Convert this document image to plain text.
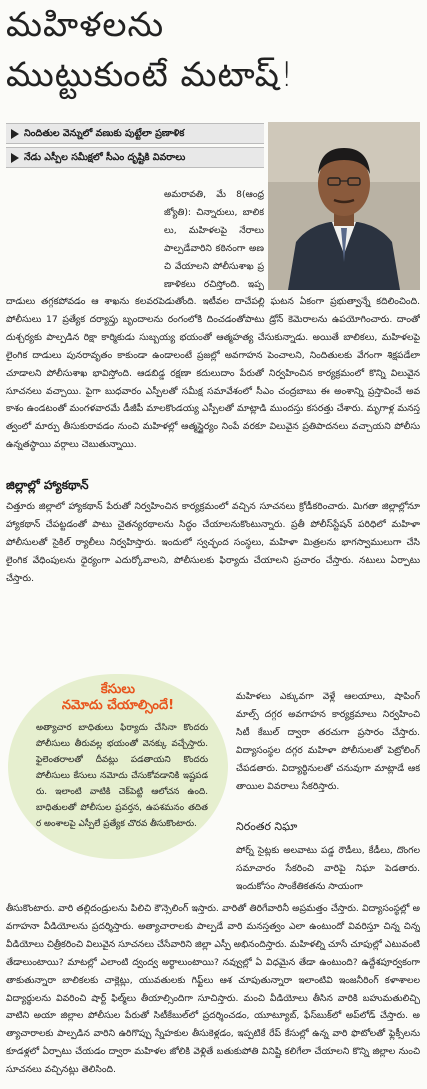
మహిళలను
ముట్టుకుంటే మటాష్!
నిందితుల వెన్నులో వణుకు పుట్టేలా ప్రణాళిక
నేడు ఎస్పీల సమీక్షలో సీఎం దృష్టికి వివరాలు
అమరావతి, మే 8(ఆంధ్రజ్యోతి): చిన్నారులు, బాలికలు, మహిళలపై నేరాలు పాల్పడేవారిని కఠినంగా అణచి వేయాలని పోలీసుశాఖ ప్రణాళికలు రచిస్తోంది. ఇప్ప
దాడులు తగ్గకపోవడం ఆ శాఖను కలవరపెడుతోంది. ఇటీవల దాచేపల్లి ఘటన ఏకంగా ప్రభుత్వాన్నే కదిలించింది. పోలీసులు 17 ప్రత్యేక దర్యాప్తు బృందాలను రంగంలోకి దించడంతోపాటు డ్రోన్ కెమెరాలను ఉపయోగించారు. దాంతో దుశ్చర్యకు పాల్పడిన రిక్షా కార్మికుడు సుబ్బయ్య భయంతో ఆత్మహత్య చేసుకున్నాడు. అయితే బాలికలు, మహిళలపై లైంగిక దాడులు పునరావృతం కాకుండా ఉండాలంటే ప్రజల్లో అవగాహన పెంచాలని, నిందితులకు వేగంగా శిక్షపడేలా చూడాలని పోలీసుశాఖ భావిస్తోంది. ఆడబిడ్డ రక్షణా కదులుదాం పేరుతో నిర్వహించిన కార్యక్రమంలో కొన్ని విలువైన సూచనలు వచ్చాయి. పైగా బుధవారం ఎస్పీలతో సమీక్ష సమావేశంలో సీఎం చంద్రబాబు ఈ అంశాన్ని ప్రస్తావించే అవకాశం ఉండటంతో మంగళవారమే డీజీపీ మాలకొండయ్య ఎస్పీలతో మాట్లాడి ముందస్తు కసరత్తు చేశారు. మృగాళ్ల మనస్తత్వంలో మార్పు తీసుకురావడం నుంచి మహిళల్లో ఆత్మస్థైర్యం నింపే వరకూ విలువైన ప్రతిపాదనలు వచ్చాయని పోలీసు ఉన్నతస్థాయి వర్గాలు చెబుతున్నాయి.
జిల్లాల్లో హ్యాకథాన్
చిత్తూరు జిల్లాలో హ్యాకథాన్ పేరుతో నిర్వహించిన కార్యక్రమంలో వచ్చిన సూచనలు క్రోడీకరించారు. మిగతా జిల్లాల్లోనూ హ్యాకథాన్ చేపట్టడంతో పాటు చైతన్యరథాలను సిద్ధం చేయాలనుకొంటున్నారు. ప్రతీ పోలీస్‌స్టేషన్ పరిధిలో మహిళా పోలీసులతో సైకిల్ ర్యాలీలు నిర్వహిస్తారు. ఇందులో స్వచ్ఛంద సంస్థలు, మహిళా మిత్రలను భాగస్వాములుగా చేసి లైంగిక వేధింపులను ధైర్యంగా ఎదుర్కోవాలని, పోలీసులకు ఫిర్యాదు చేయాలని ప్రచారం చేస్తారు. నటులు ఏర్పాటు చేస్తారు.
కేసులు
నమోదు చేయాల్సిందే!
అత్యాచార బాధితులు ఫిర్యాదు చేసినా కొందరు పోలీసులు తీరువల్ల భయంతో వెనక్కు వచ్చేస్తారు. ఫైలెంతరాలతో దీవట్లు పడతాయని కొందరు పోలీసులు కేసులు నమోదు చేసుకోవడానికి ఇష్టపడరు. ఇలాంటి వాటికి చెక్‌పెట్టి ఆలోచన ఉంది. బాధితులతో పోలీసుల ప్రవర్తన, ఉపశమనం తదితర అంశాలపై ఎస్పీలే ప్రత్యేక చొరవ తీసుకొంటారు.
మహిళలు ఎక్కువగా వెళ్లే ఆలయాలు, షాపింగ్ మాల్స్ దగ్గర అవగాహన కార్యక్రమాలు నిర్వహించి సిటీ కేబుల్ ద్వారా తరచుగా ప్రసారం చేస్తారు. విద్యాసంస్థల దగ్గర మహిళా పోలీసులతో పెట్రోలింగ్ చేపడతారు. విద్యార్థినులతో చనువుగా మాట్లాడే ఆకతాయిల వివరాలు సేకరిస్తారు.
నిరంతర నిఘా
పోర్న్ సైట్లకు అలవాటు పడ్డ రౌడీలు, కేడీలు, దొంగల సమాచారం సేకరించి వారిపై నిఘా పెడతారు. ఇందుకోసం సాంకేతికతను సాయంగా
తీసుకొంటారు. వారి తల్లిదండ్రులను పిలిచి కౌన్సెలింగ్ ఇస్తారు. వారితో తిరిగేవారినీ అప్రమత్తం చేస్తారు. విద్యాసంస్థల్లో అవగాహనా వీడియోలను ప్రదర్శిస్తారు. అత్యాచారాలకు పాల్పడే వారి మనస్తత్వం ఎలా ఉంటుందో వివరిస్తూ చిన్న చిన్న వీడియోలు చిత్రీకరించి విలువైన సూచనలు చేసేవారిని జిల్లా ఎస్పీ అభినందిస్తారు. మహిళల్ని చూసే చూపుల్లో ఎటువంటి తేడాలుంటాయి? మాటల్లో ఎలాంటి ద్వంద్వ అర్థాలుంటాయి? నవ్వుల్లో ఏ విధమైన తేడా ఉంటుంది? ఉద్దేశపూర్వకంగా తాకుతున్నారా బాలికలకు చాక్లెట్లు, యువతులకు గిఫ్ట్‌లు ఆశ చూపుతున్నారా ఇలాంటివి ఇంజనీరింగ్ కళాశాలల విద్యార్థులను వివరించి షార్ట్ ఫిల్మ్‌లు తీయాల్సిందిగా సూచిస్తారు. మంచి వీడియోలు తీసిన వారికి బహుమతులిచ్చి వాటిని అయా జిల్లాల పోలీసుల పేరుతో సిటీకేబుల్‌లో ప్రదర్శించడం, యూట్యూబ్, ఫేస్‌బుక్‌లో అప్‌లోడ్ చేస్తారు. అత్యాచారాలకు పాల్పడిన వారిని ఉరిగొప్పు స్నేహకుల తీసుకెళ్లడం, ఇప్పటికే రేప్ కేసుల్లో ఉన్న వారి ఫొటోలతో ఫ్లెక్సీలను కూడళ్లలో ఏర్పాటు చేయడం ద్వారా మహిళల జోలికి వెళ్లితే బతుకుపోతి వినిష్టి కలిగేలా చేయాలని కొన్ని జిల్లాల నుంచి సూచనలు వచ్చినట్లు తెలిసింది.
